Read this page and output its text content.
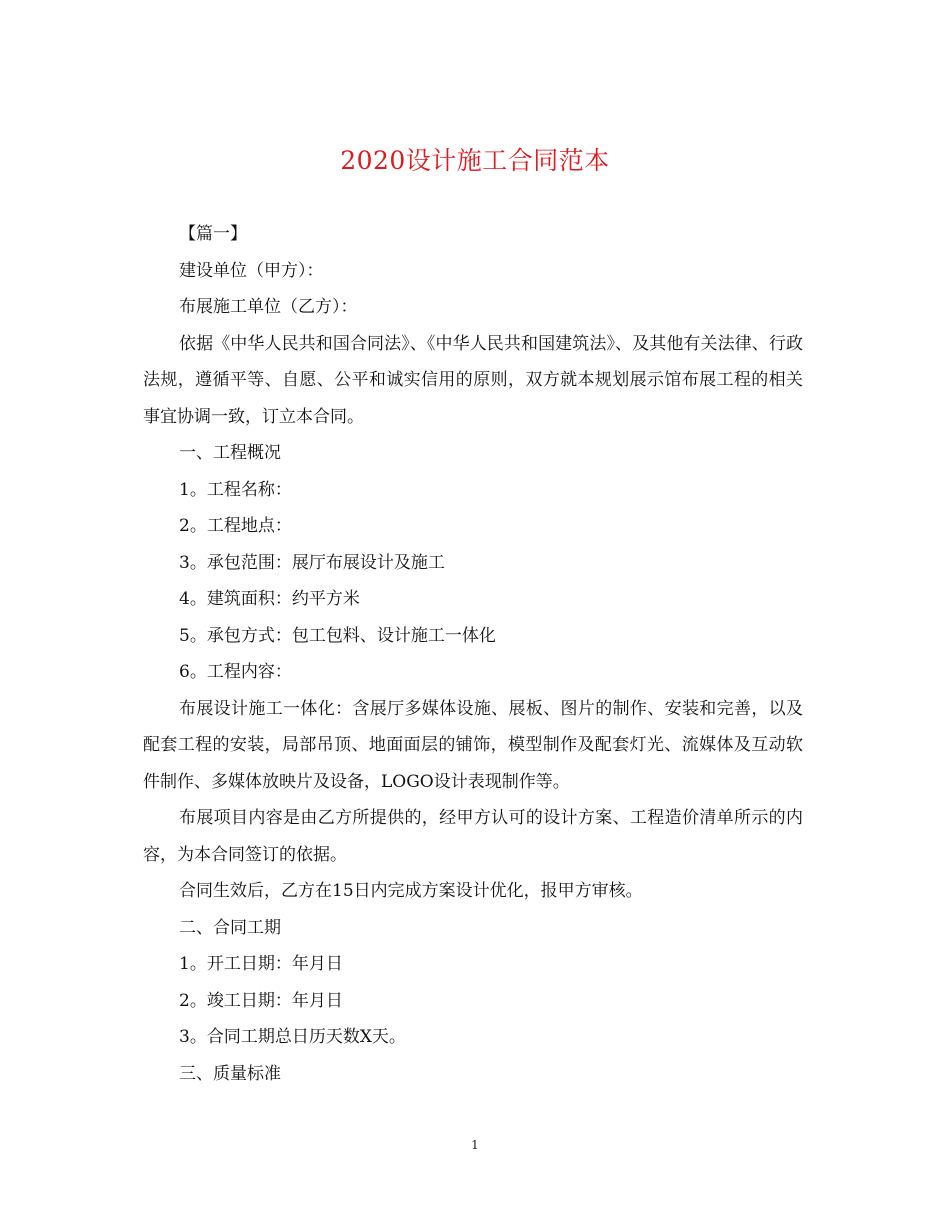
2020设计施工合同范本

【篇一】

建设单位（甲方）：

布展施工单位（乙方）：

依据《中华人民共和国合同法》、《中华人民共和国建筑法》、及其他有关法律、行政法规，遵循平等、自愿、公平和诚实信用的原则，双方就本规划展示馆布展工程的相关事宜协调一致，订立本合同。

一、工程概况

1。工程名称：

2。工程地点：

3。承包范围：展厅布展设计及施工

4。建筑面积：约平方米

5。承包方式：包工包料、设计施工一体化

6。工程内容：

布展设计施工一体化：含展厅多媒体设施、展板、图片的制作、安装和完善，以及配套工程的安装，局部吊顶、地面面层的铺饰，模型制作及配套灯光、流媒体及互动软件制作、多媒体放映片及设备，LOGO设计表现制作等。

布展项目内容是由乙方所提供的，经甲方认可的设计方案、工程造价清单所示的内容，为本合同签订的依据。

合同生效后，乙方在15日内完成方案设计优化，报甲方审核。

二、合同工期

1。开工日期：年月日

2。竣工日期：年月日

3。合同工期总日历天数X天。

三、质量标准

1
